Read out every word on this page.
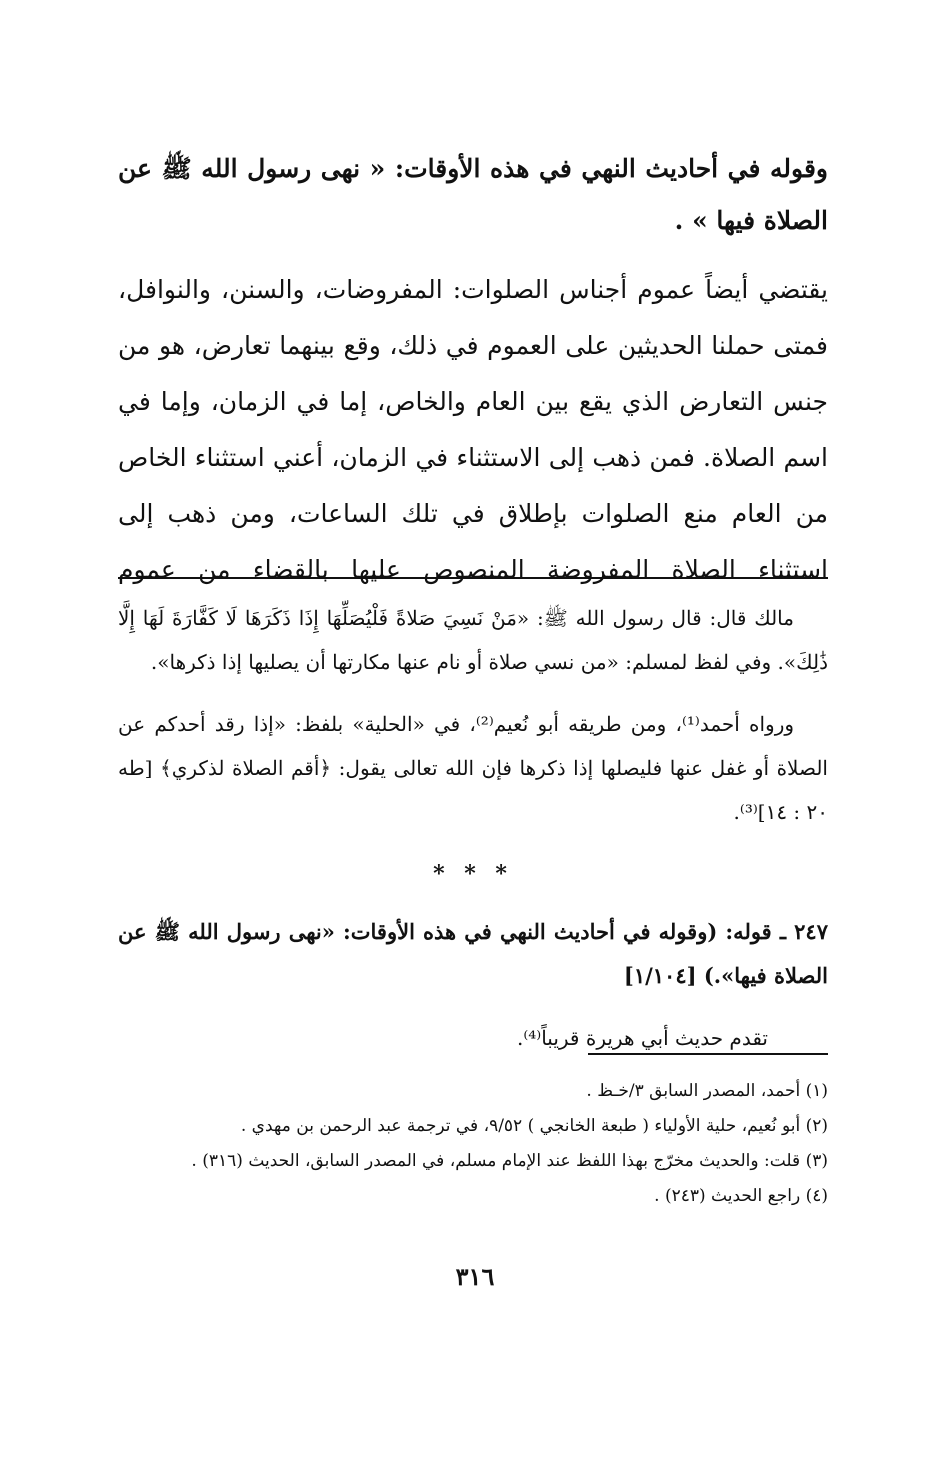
وقوله في أحاديث النهي في هذه الأوقات: « نهى رسول الله ﷺ عن الصلاة فيها » .
يقتضي أيضاً عموم أجناس الصلوات: المفروضات، والسنن، والنوافل، فمتى حملنا الحديثين على العموم في ذلك، وقع بينهما تعارض، هو من جنس التعارض الذي يقع بين العام والخاص، إما في الزمان، وإما في اسم الصلاة. فمن ذهب إلى الاستثناء في الزمان، أعني استثناء الخاص من العام منع الصلوات بإطلاق في تلك الساعات، ومن ذهب إلى استثناء الصلاة المفروضة المنصوص عليها بالقضاء من عموم

مالك قال: قال رسول الله ﷺ: «مَنْ نَسِيَ صَلاةً فَلْيُصَلِّهَا إِذَا ذَكَرَهَا لَا كَفَّارَةَ لَهَا إِلَّا ذَٰلِكَ». وفي لفظ لمسلم: «من نسي صلاة أو نام عنها مكارتها أن يصليها إذا ذكرها».

ورواه أحمد⁽¹⁾، ومن طريقه أبو نُعيم⁽²⁾، في «الحلية» بلفظ: «إذا رقد أحدكم عن الصلاة أو غفل عنها فليصلها إذا ذكرها فإن الله تعالى يقول: ﴿أقم الصلاة لذكري﴾ [طه ٢٠ : ١٤]⁽³⁾.

* * *

٢٤٧ ـ قوله: (وقوله في أحاديث النهي في هذه الأوقات: «نهى رسول الله ﷺ عن الصلاة فيها».) [١/١٠٤]

تقدم حديث أبي هريرة قريباً⁽⁴⁾.

(١) أحمد، المصدر السابق ٣/خـظ .
(٢) أبو نُعيم، حلية الأولياء ( طبعة الخانجي ) ٩/٥٢، في ترجمة عبد الرحمن بن مهدي .
(٣) قلت: والحديث مخرّج بهذا اللفظ عند الإمام مسلم، في المصدر السابق، الحديث (٣١٦) .
(٤) راجع الحديث (٢٤٣) .
٣١٦
